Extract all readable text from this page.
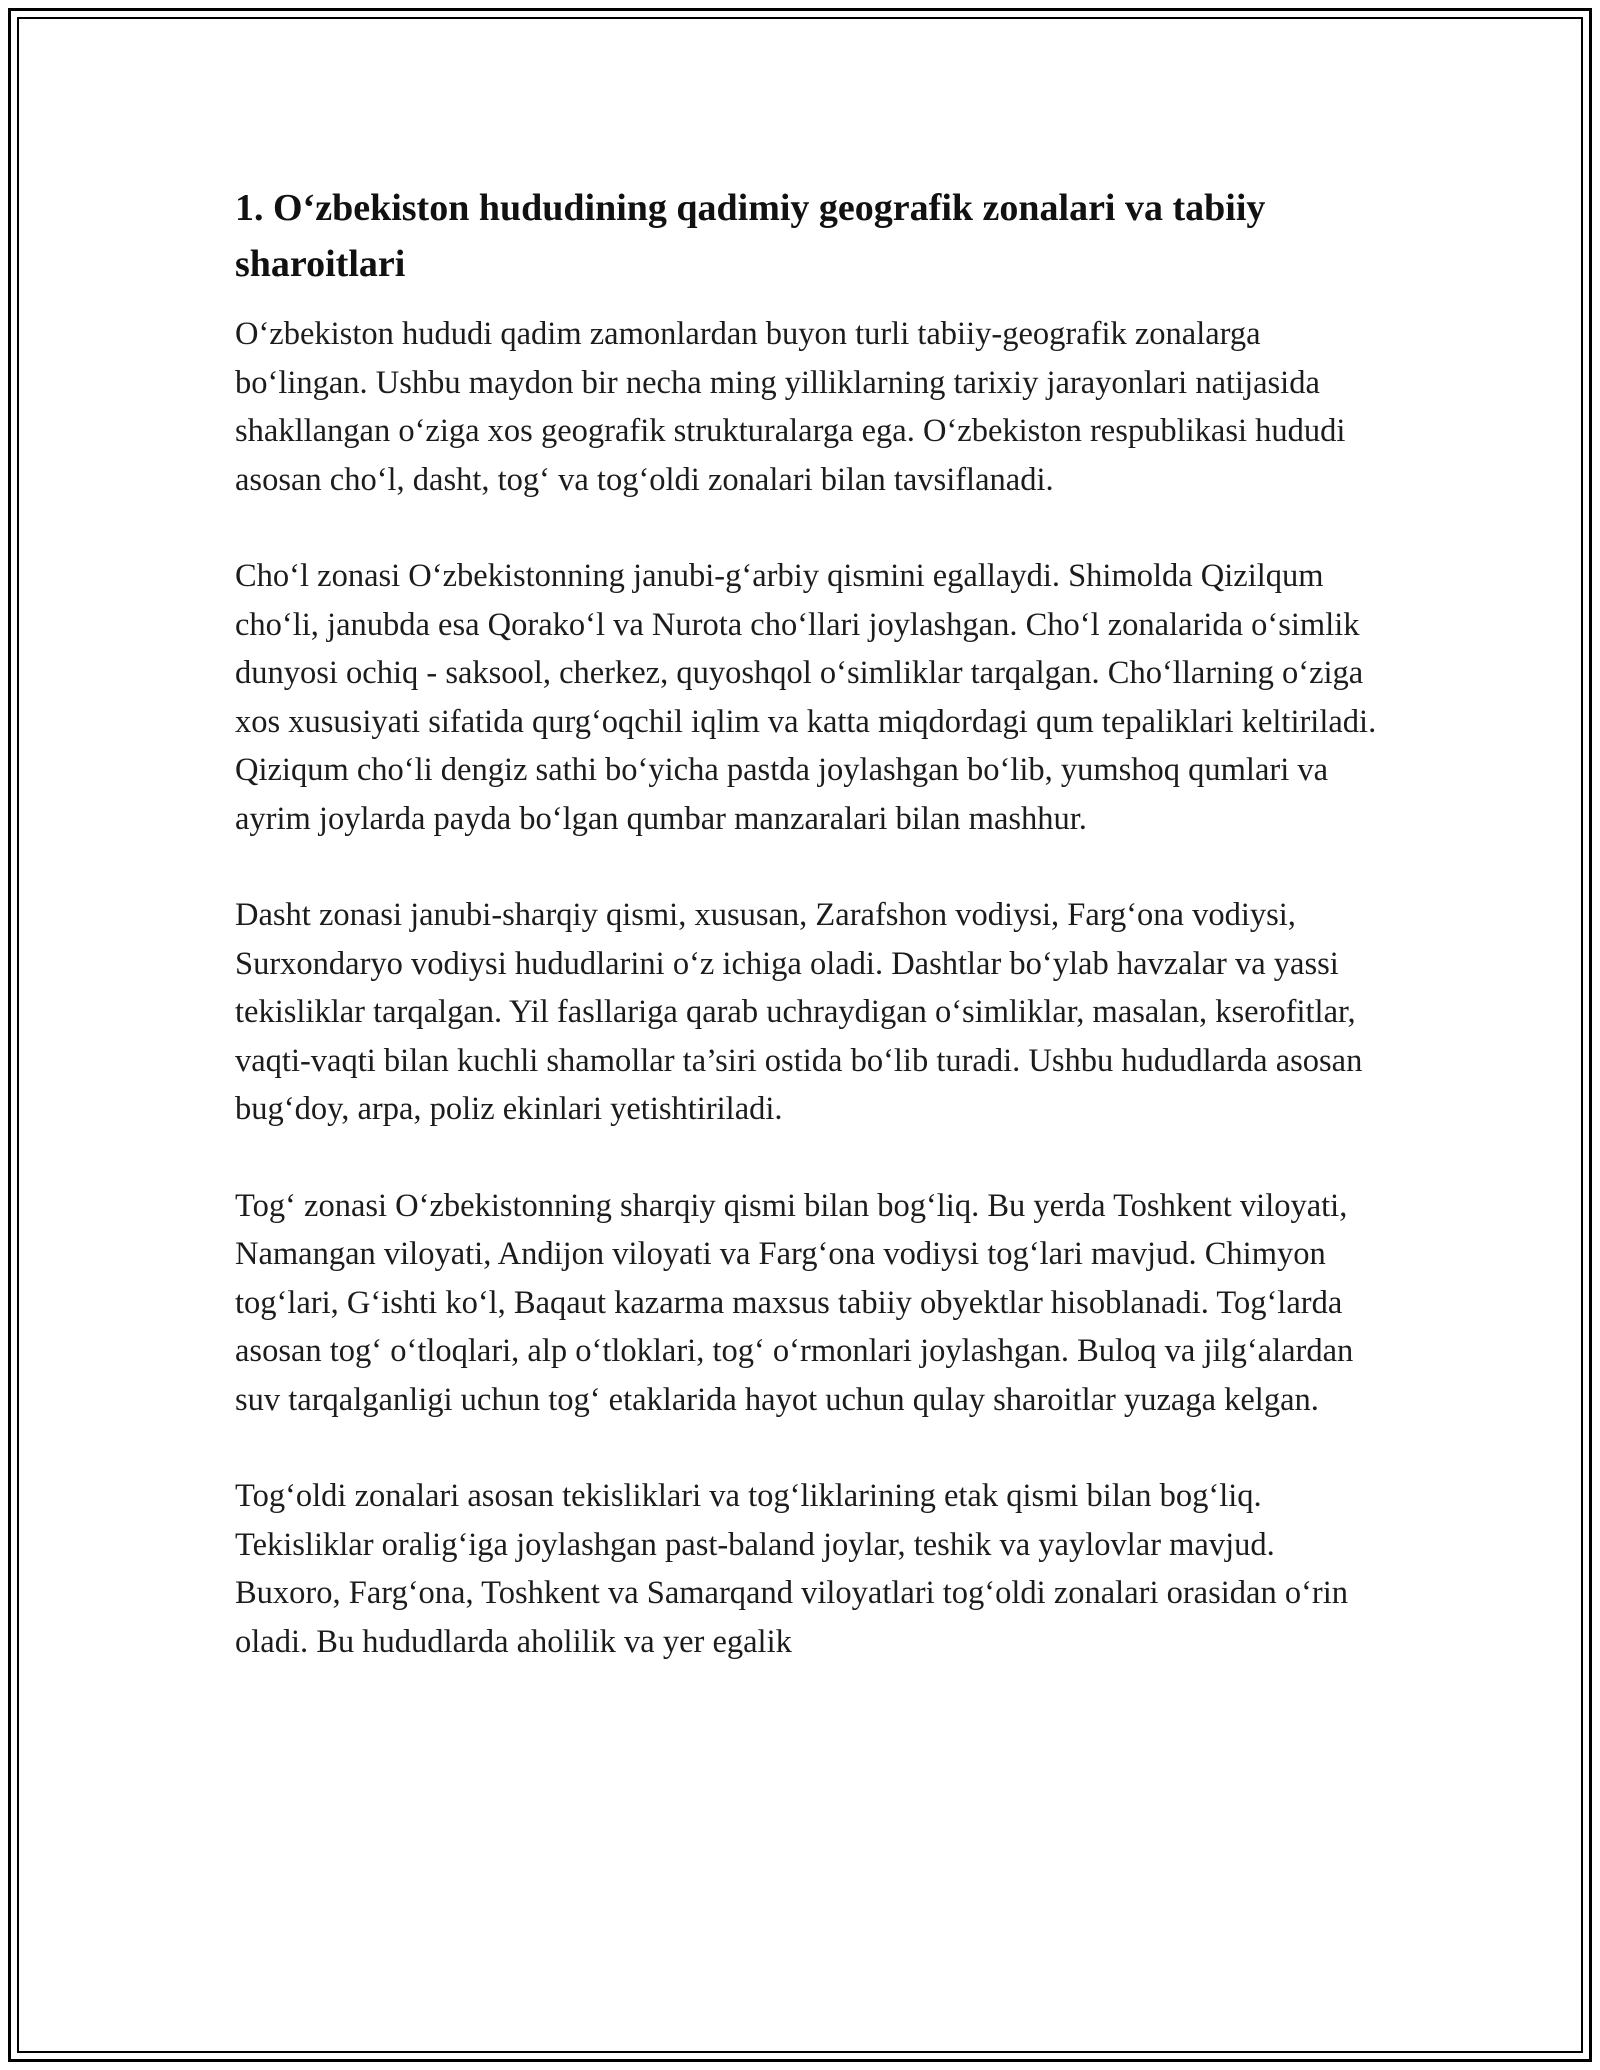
1. O‘zbekiston hududining qadimiy geografik zonalari va tabiiy sharoitlari

O‘zbekiston hududi qadim zamonlardan buyon turli tabiiy-geografik zonalarga bo‘lingan. Ushbu maydon bir necha ming yilliklarning tarixiy jarayonlari natijasida shakllangan o‘ziga xos geografik strukturalarga ega. O‘zbekiston respublikasi hududi asosan cho‘l, dasht, tog‘ va tog‘oldi zonalari bilan tavsiflanadi.

Cho‘l zonasi O‘zbekistonning janubi-g‘arbiy qismini egallaydi. Shimolda Qizilqum cho‘li, janubda esa Qorako‘l va Nurota cho‘llari joylashgan. Cho‘l zonalarida o‘simlik dunyosi ochiq - saksool, cherkez, quyoshqol o‘simliklar tarqalgan. Cho‘llarning o‘ziga xos xususiyati sifatida qurg‘oqchil iqlim va katta miqdordagi qum tepaliklari keltiriladi. Qiziqum cho‘li dengiz sathi bo‘yicha pastda joylashgan bo‘lib, yumshoq qumlari va ayrim joylarda payda bo‘lgan qumbar manzaralari bilan mashhur.

Dasht zonasi janubi-sharqiy qismi, xususan, Zarafshon vodiysi, Farg‘ona vodiysi, Surxondaryo vodiysi hududlarini o‘z ichiga oladi. Dashtlar bo‘ylab havzalar va yassi tekisliklar tarqalgan. Yil fasllariga qarab uchraydigan o‘simliklar, masalan, kserofitlar, vaqti-vaqti bilan kuchli shamollar ta’siri ostida bo‘lib turadi. Ushbu hududlarda asosan bug‘doy, arpa, poliz ekinlari yetishtiriladi.

Tog‘ zonasi O‘zbekistonning sharqiy qismi bilan bog‘liq. Bu yerda Toshkent viloyati, Namangan viloyati, Andijon viloyati va Farg‘ona vodiysi tog‘lari mavjud. Chimyon tog‘lari, G‘ishti ko‘l, Baqaut kazarma maxsus tabiiy obyektlar hisoblanadi. Tog‘larda asosan tog‘ o‘tloqlari, alp o‘tloklari, tog‘ o‘rmonlari joylashgan. Buloq va jilg‘alardan suv tarqalganligi uchun tog‘ etaklarida hayot uchun qulay sharoitlar yuzaga kelgan.

Tog‘oldi zonalari asosan tekisliklari va tog‘liklarining etak qismi bilan bog‘liq. Tekisliklar oralig‘iga joylashgan past-baland joylar, teshik va yaylovlar mavjud. Buxoro, Farg‘ona, Toshkent va Samarqand viloyatlari tog‘oldi zonalari orasidan o‘rin oladi. Bu hududlarda aholilik va yer egalik
